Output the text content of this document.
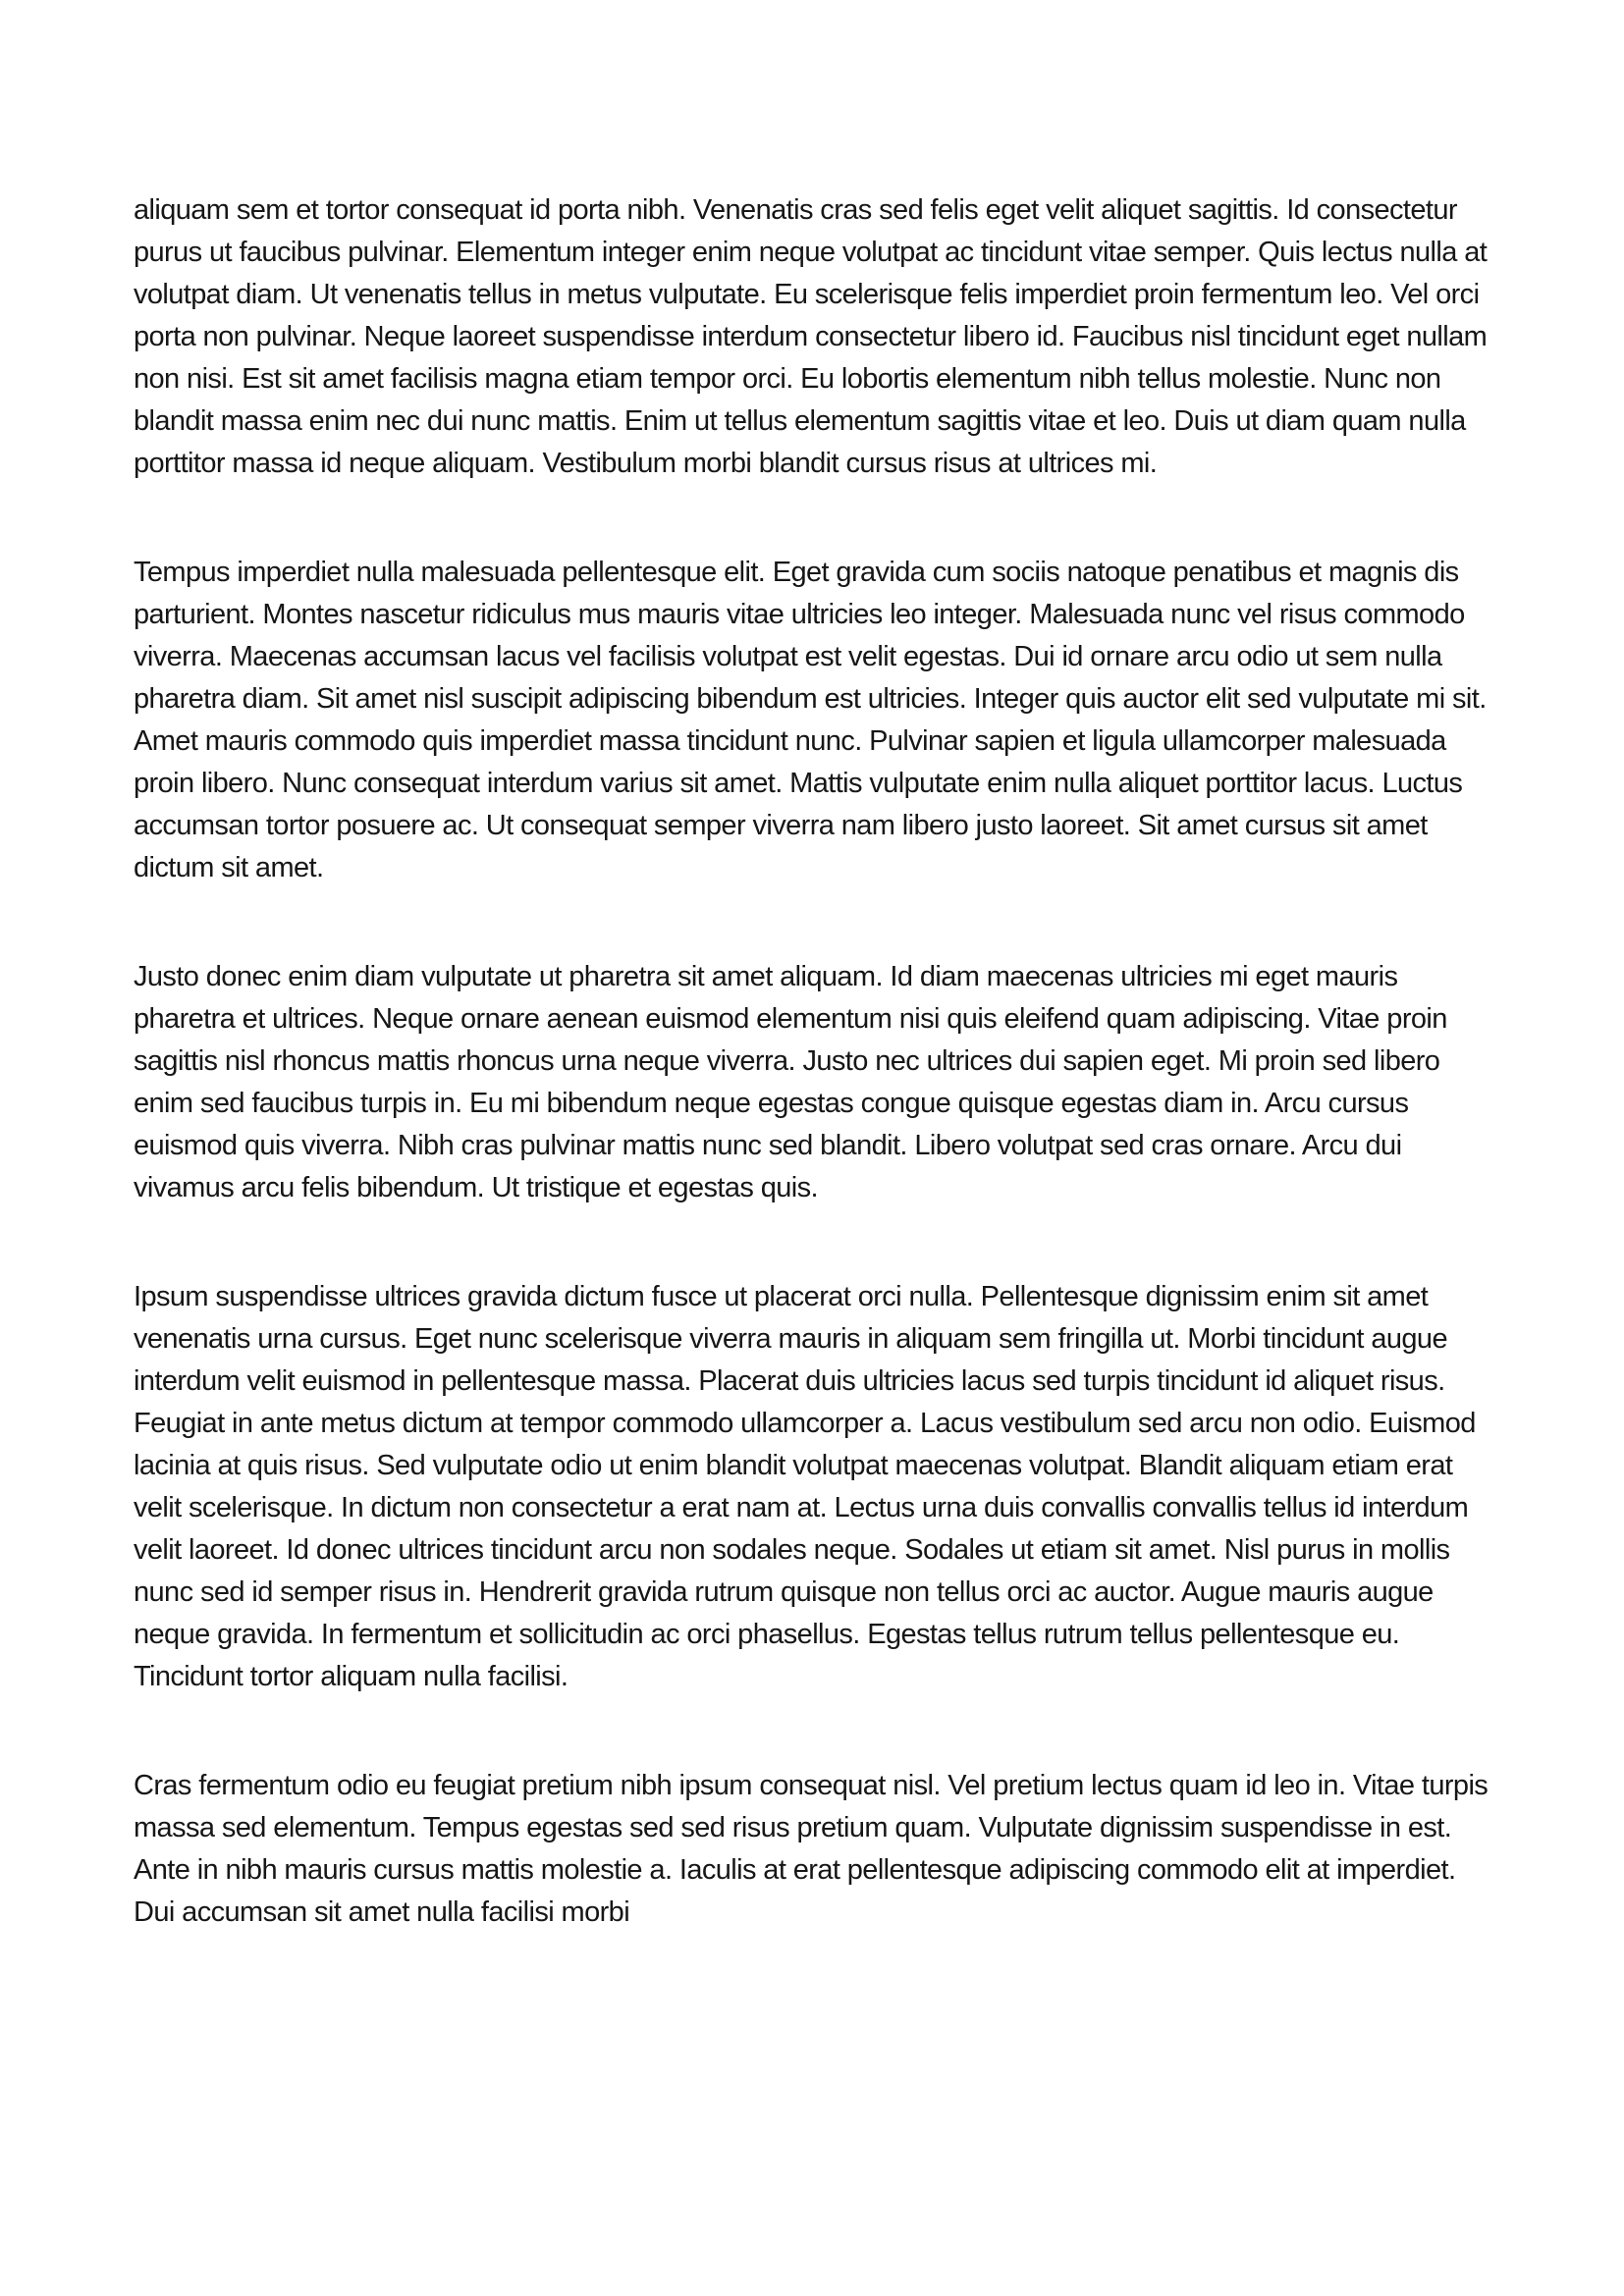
aliquam sem et tortor consequat id porta nibh. Venenatis cras sed felis eget velit aliquet sagittis. Id consectetur purus ut faucibus pulvinar. Elementum integer enim neque volutpat ac tincidunt vitae semper. Quis lectus nulla at volutpat diam. Ut venenatis tellus in metus vulputate. Eu scelerisque felis imperdiet proin fermentum leo. Vel orci porta non pulvinar. Neque laoreet suspendisse interdum consectetur libero id. Faucibus nisl tincidunt eget nullam non nisi. Est sit amet facilisis magna etiam tempor orci. Eu lobortis elementum nibh tellus molestie. Nunc non blandit massa enim nec dui nunc mattis. Enim ut tellus elementum sagittis vitae et leo. Duis ut diam quam nulla porttitor massa id neque aliquam. Vestibulum morbi blandit cursus risus at ultrices mi.

Tempus imperdiet nulla malesuada pellentesque elit. Eget gravida cum sociis natoque penatibus et magnis dis parturient. Montes nascetur ridiculus mus mauris vitae ultricies leo integer. Malesuada nunc vel risus commodo viverra. Maecenas accumsan lacus vel facilisis volutpat est velit egestas. Dui id ornare arcu odio ut sem nulla pharetra diam. Sit amet nisl suscipit adipiscing bibendum est ultricies. Integer quis auctor elit sed vulputate mi sit. Amet mauris commodo quis imperdiet massa tincidunt nunc. Pulvinar sapien et ligula ullamcorper malesuada proin libero. Nunc consequat interdum varius sit amet. Mattis vulputate enim nulla aliquet porttitor lacus. Luctus accumsan tortor posuere ac. Ut consequat semper viverra nam libero justo laoreet. Sit amet cursus sit amet dictum sit amet.

Justo donec enim diam vulputate ut pharetra sit amet aliquam. Id diam maecenas ultricies mi eget mauris pharetra et ultrices. Neque ornare aenean euismod elementum nisi quis eleifend quam adipiscing. Vitae proin sagittis nisl rhoncus mattis rhoncus urna neque viverra. Justo nec ultrices dui sapien eget. Mi proin sed libero enim sed faucibus turpis in. Eu mi bibendum neque egestas congue quisque egestas diam in. Arcu cursus euismod quis viverra. Nibh cras pulvinar mattis nunc sed blandit. Libero volutpat sed cras ornare. Arcu dui vivamus arcu felis bibendum. Ut tristique et egestas quis.

Ipsum suspendisse ultrices gravida dictum fusce ut placerat orci nulla. Pellentesque dignissim enim sit amet venenatis urna cursus. Eget nunc scelerisque viverra mauris in aliquam sem fringilla ut. Morbi tincidunt augue interdum velit euismod in pellentesque massa. Placerat duis ultricies lacus sed turpis tincidunt id aliquet risus. Feugiat in ante metus dictum at tempor commodo ullamcorper a. Lacus vestibulum sed arcu non odio. Euismod lacinia at quis risus. Sed vulputate odio ut enim blandit volutpat maecenas volutpat. Blandit aliquam etiam erat velit scelerisque. In dictum non consectetur a erat nam at. Lectus urna duis convallis convallis tellus id interdum velit laoreet. Id donec ultrices tincidunt arcu non sodales neque. Sodales ut etiam sit amet. Nisl purus in mollis nunc sed id semper risus in. Hendrerit gravida rutrum quisque non tellus orci ac auctor. Augue mauris augue neque gravida. In fermentum et sollicitudin ac orci phasellus. Egestas tellus rutrum tellus pellentesque eu. Tincidunt tortor aliquam nulla facilisi.

Cras fermentum odio eu feugiat pretium nibh ipsum consequat nisl. Vel pretium lectus quam id leo in. Vitae turpis massa sed elementum. Tempus egestas sed sed risus pretium quam. Vulputate dignissim suspendisse in est. Ante in nibh mauris cursus mattis molestie a. Iaculis at erat pellentesque adipiscing commodo elit at imperdiet. Dui accumsan sit amet nulla facilisi morbi
